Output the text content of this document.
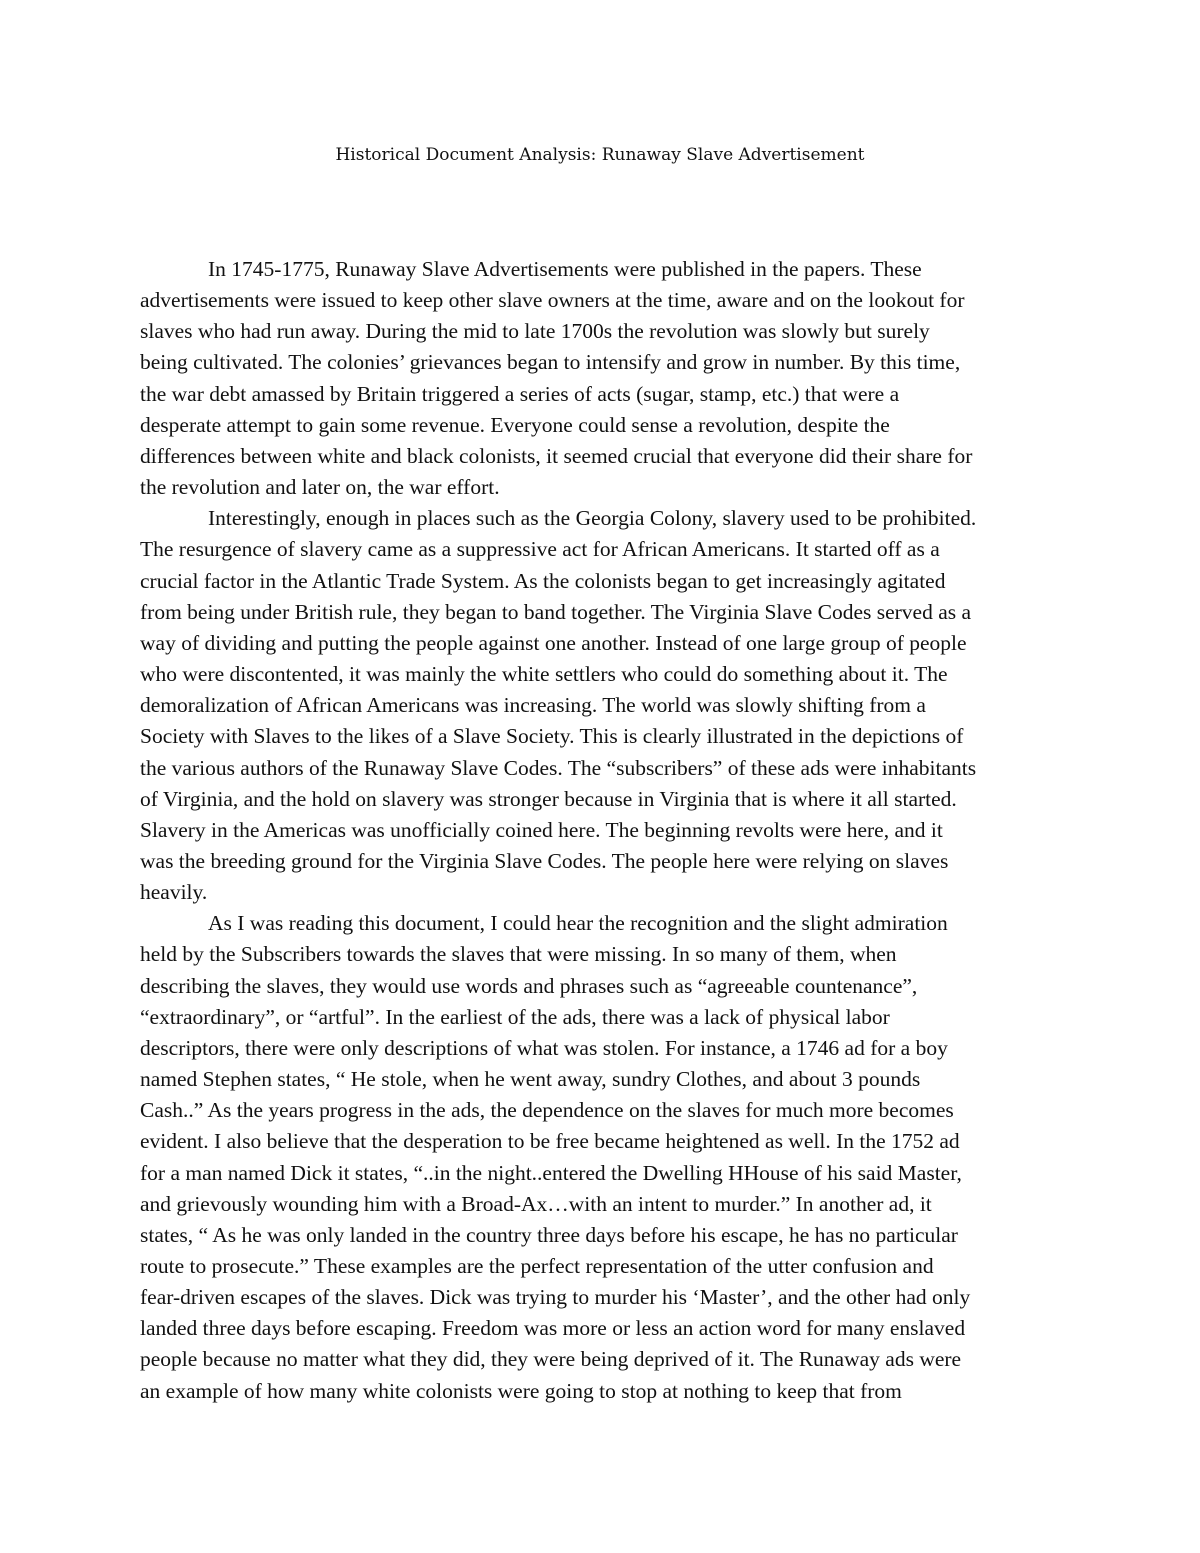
Historical Document Analysis: Runaway Slave Advertisement
In 1745-1775, Runaway Slave Advertisements were published in the papers. These
advertisements were issued to keep other slave owners at the time, aware and on the lookout for
slaves who had run away. During the mid to late 1700s the revolution was slowly but surely
being cultivated. The colonies’ grievances began to intensify and grow in number. By this time,
the war debt amassed by Britain triggered a series of acts (sugar, stamp, etc.) that were a
desperate attempt to gain some revenue. Everyone could sense a revolution, despite the
differences between white and black colonists, it seemed crucial that everyone did their share for
the revolution and later on, the war effort.
Interestingly, enough in places such as the Georgia Colony, slavery used to be prohibited.
The resurgence of slavery came as a suppressive act for African Americans. It started off as a
crucial factor in the Atlantic Trade System. As the colonists began to get increasingly agitated
from being under British rule, they began to band together. The Virginia Slave Codes served as a
way of dividing and putting the people against one another. Instead of one large group of people
who were discontented, it was mainly the white settlers who could do something about it. The
demoralization of African Americans was increasing. The world was slowly shifting from a
Society with Slaves to the likes of a Slave Society. This is clearly illustrated in the depictions of
the various authors of the Runaway Slave Codes. The “subscribers” of these ads were inhabitants
of Virginia, and the hold on slavery was stronger because in Virginia that is where it all started.
Slavery in the Americas was unofficially coined here. The beginning revolts were here, and it
was the breeding ground for the Virginia Slave Codes. The people here were relying on slaves
heavily.
As I was reading this document, I could hear the recognition and the slight admiration
held by the Subscribers towards the slaves that were missing. In so many of them, when
describing the slaves, they would use words and phrases such as “agreeable countenance”,
“extraordinary”, or “artful”. In the earliest of the ads, there was a lack of physical labor
descriptors, there were only descriptions of what was stolen. For instance, a 1746 ad for a boy
named Stephen states, “ He stole, when he went away, sundry Clothes, and about 3 pounds
Cash..” As the years progress in the ads, the dependence on the slaves for much more becomes
evident. I also believe that the desperation to be free became heightened as well. In the 1752 ad
for a man named Dick it states, “..in the night..entered the Dwelling HHouse of his said Master,
and grievously wounding him with a Broad-Ax…with an intent to murder.” In another ad, it
states, “ As he was only landed in the country three days before his escape, he has no particular
route to prosecute.” These examples are the perfect representation of the utter confusion and
fear-driven escapes of the slaves. Dick was trying to murder his ‘Master’, and the other had only
landed three days before escaping. Freedom was more or less an action word for many enslaved
people because no matter what they did, they were being deprived of it. The Runaway ads were
an example of how many white colonists were going to stop at nothing to keep that from
